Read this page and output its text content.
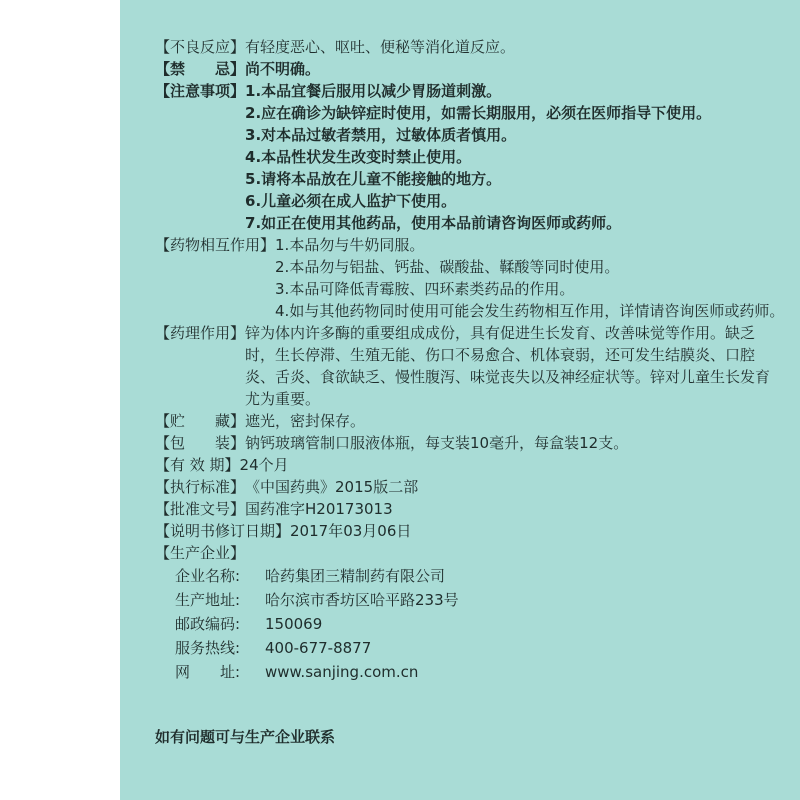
【不良反应】 有轻度恶心、呕吐、便秘等消化道反应。
【禁　　忌】 尚不明确。
【注意事项】 1.本品宜餐后服用以减少胃肠道刺激。
2.应在确诊为缺锌症时使用，如需长期服用，必须在医师指导下使用。
3.对本品过敏者禁用，过敏体质者慎用。
4.本品性状发生改变时禁止使用。
5.请将本品放在儿童不能接触的地方。
6.儿童必须在成人监护下使用。
7.如正在使用其他药品，使用本品前请咨询医师或药师。
【药物相互作用】 1.本品勿与牛奶同服。
2.本品勿与铝盐、钙盐、碳酸盐、鞣酸等同时使用。
3.本品可降低青霉胺、四环素类药品的作用。
4.如与其他药物同时使用可能会发生药物相互作用，详情请咨询医师或药师。
【药理作用】 锌为体内许多酶的重要组成成份，具有促进生长发育、改善味觉等作用。缺乏时，生长停滞、生殖无能、伤口不易愈合、机体衰弱，还可发生结膜炎、口腔炎、舌炎、食欲缺乏、慢性腹泻、味觉丧失以及神经症状等。锌对儿童生长发育尤为重要。
【贮　　藏】 遮光，密封保存。
【包　　装】 钠钙玻璃管制口服液体瓶，每支装10毫升，每盒装12支。
【有 效 期】 24个月
【执行标准】 《中国药典》2015版二部
【批准文号】 国药准字H20173013
【说明书修订日期】 2017年03月06日
【生产企业】
企业名称:	哈药集团三精制药有限公司
生产地址:	哈尔滨市香坊区哈平路233号
邮政编码:	150069
服务热线:	400-677-8877
网　　址:	www.sanjing.com.cn
如有问题可与生产企业联系
